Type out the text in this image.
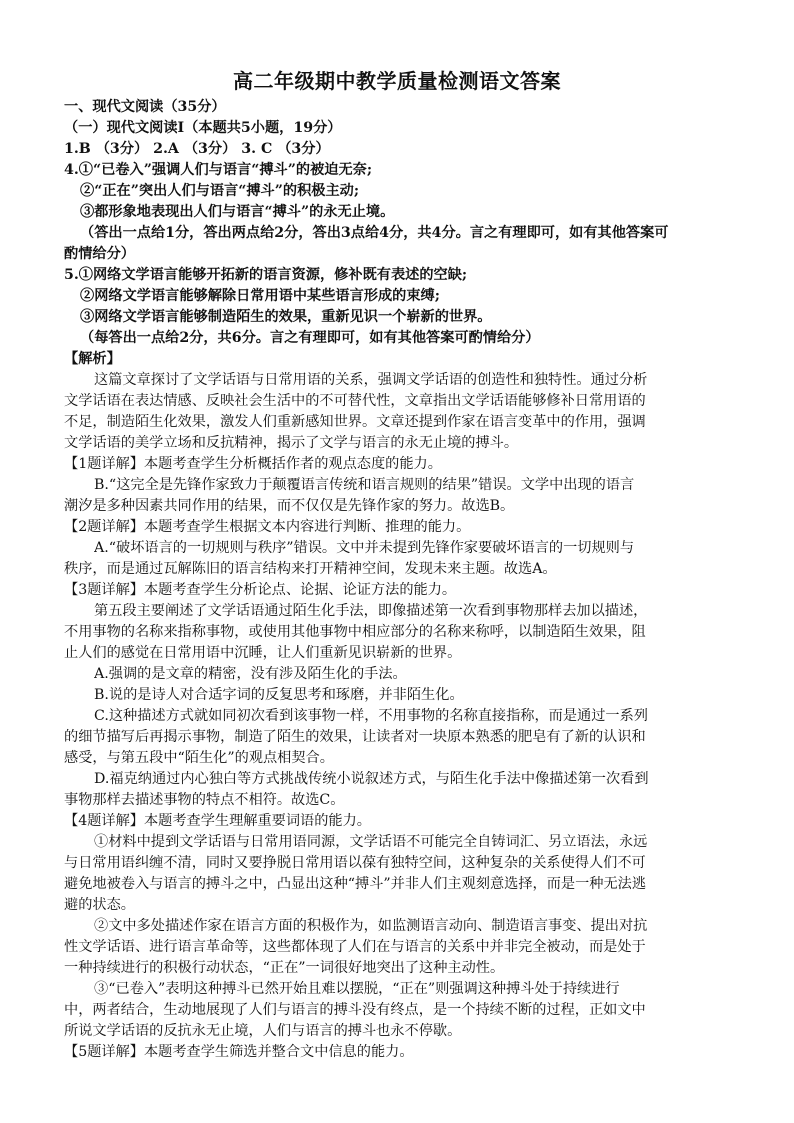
高二年级期中教学质量检测语文答案
一、现代文阅读（35分）
（一）现代文阅读Ⅰ（本题共5小题，19分）
1.B （3分） 2.A （3分） 3. C （3分）
4.①“已卷入”强调人们与语言“搏斗”的被迫无奈;
②“正在”突出人们与语言“搏斗”的积极主动;
③都形象地表现出人们与语言“搏斗”的永无止境。
（答出一点给1分，答出两点给2分，答出3点给4分，共4分。言之有理即可，如有其他答案可
酌情给分）
5.①网络文学语言能够开拓新的语言资源，修补既有表述的空缺;
②网络文学语言能够解除日常用语中某些语言形成的束缚;
③网络文学语言能够制造陌生的效果，重新见识一个崭新的世界。
（每答出一点给2分，共6分。言之有理即可，如有其他答案可酌情给分）
【解析】
这篇文章探讨了文学话语与日常用语的关系，强调文学话语的创造性和独特性。通过分析
文学话语在表达情感、反映社会生活中的不可替代性，文章指出文学话语能够修补日常用语的
不足，制造陌生化效果，激发人们重新感知世界。文章还提到作家在语言变革中的作用，强调
文学话语的美学立场和反抗精神，揭示了文学与语言的永无止境的搏斗。
【1题详解】本题考查学生分析概括作者的观点态度的能力。
B.“这完全是先锋作家致力于颠覆语言传统和语言规则的结果”错误。文学中出现的语言
潮汐是多种因素共同作用的结果，而不仅仅是先锋作家的努力。故选B。
【2题详解】本题考查学生根据文本内容进行判断、推理的能力。
A.“破坏语言的一切规则与秩序”错误。文中并未提到先锋作家要破坏语言的一切规则与
秩序，而是通过瓦解陈旧的语言结构来打开精神空间，发现未来主题。故选A。
【3题详解】本题考查学生分析论点、论据、论证方法的能力。
第五段主要阐述了文学话语通过陌生化手法，即像描述第一次看到事物那样去加以描述，
不用事物的名称来指称事物，或使用其他事物中相应部分的名称来称呼，以制造陌生效果，阻
止人们的感觉在日常用语中沉睡，让人们重新见识崭新的世界。
A.强调的是文章的精密，没有涉及陌生化的手法。
B.说的是诗人对合适字词的反复思考和琢磨，并非陌生化。
C.这种描述方式就如同初次看到该事物一样，不用事物的名称直接指称，而是通过一系列
的细节描写后再揭示事物，制造了陌生的效果，让读者对一块原本熟悉的肥皂有了新的认识和
感受，与第五段中“陌生化”的观点相契合。
D.福克纳通过内心独白等方式挑战传统小说叙述方式，与陌生化手法中像描述第一次看到
事物那样去描述事物的特点不相符。故选C。
【4题详解】本题考查学生理解重要词语的能力。
①材料中提到文学话语与日常用语同源，文学话语不可能完全自铸词汇、另立语法，永远
与日常用语纠缠不清，同时又要挣脱日常用语以葆有独特空间，这种复杂的关系使得人们不可
避免地被卷入与语言的搏斗之中，凸显出这种“搏斗”并非人们主观刻意选择，而是一种无法逃
避的状态。
②文中多处描述作家在语言方面的积极作为，如监测语言动向、制造语言事变、提出对抗
性文学话语、进行语言革命等，这些都体现了人们在与语言的关系中并非完全被动，而是处于
一种持续进行的积极行动状态，“正在”一词很好地突出了这种主动性。
③“已卷入”表明这种搏斗已然开始且难以摆脱，“正在”则强调这种搏斗处于持续进行
中，两者结合，生动地展现了人们与语言的搏斗没有终点，是一个持续不断的过程，正如文中
所说文学话语的反抗永无止境，人们与语言的搏斗也永不停歇。
【5题详解】本题考查学生筛选并整合文中信息的能力。
